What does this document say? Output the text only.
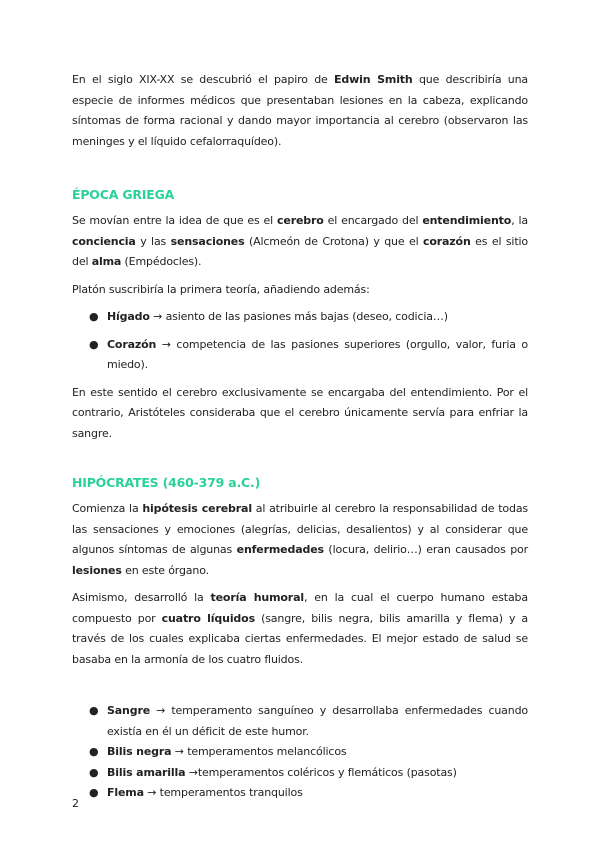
En el siglo XIX-XX se descubrió el papiro de Edwin Smith que describiría una especie de informes médicos que presentaban lesiones en la cabeza, explicando síntomas de forma racional y dando mayor importancia al cerebro (observaron las meninges y el líquido cefalorraquídeo).

ÉPOCA GRIEGA

Se movían entre la idea de que es el cerebro el encargado del entendimiento, la conciencia y las sensaciones (Alcmeón de Crotona) y que el corazón es el sitio del alma (Empédocles).

Platón suscribiría la primera teoría, añadiendo además:

● Hígado → asiento de las pasiones más bajas (deseo, codicia…)
● Corazón → competencia de las pasiones superiores (orgullo, valor, furia o miedo).

En este sentido el cerebro exclusivamente se encargaba del entendimiento. Por el contrario, Aristóteles consideraba que el cerebro únicamente servía para enfriar la sangre.

HIPÓCRATES (460-379 a.C.)

Comienza la hipótesis cerebral al atribuirle al cerebro la responsabilidad de todas las sensaciones y emociones (alegrías, delicias, desalientos) y al considerar que algunos síntomas de algunas enfermedades (locura, delirio…) eran causados por lesiones en este órgano.

Asimismo, desarrolló la teoría humoral, en la cual el cuerpo humano estaba compuesto por cuatro líquidos (sangre, bilis negra, bilis amarilla y flema) y a través de los cuales explicaba ciertas enfermedades. El mejor estado de salud se basaba en la armonía de los cuatro fluidos.

● Sangre → temperamento sanguíneo y desarrollaba enfermedades cuando existía en él un déficit de este humor.
● Bilis negra → temperamentos melancólicos
● Bilis amarilla →temperamentos coléricos y flemáticos (pasotas)
● Flema → temperamentos tranquilos
2
